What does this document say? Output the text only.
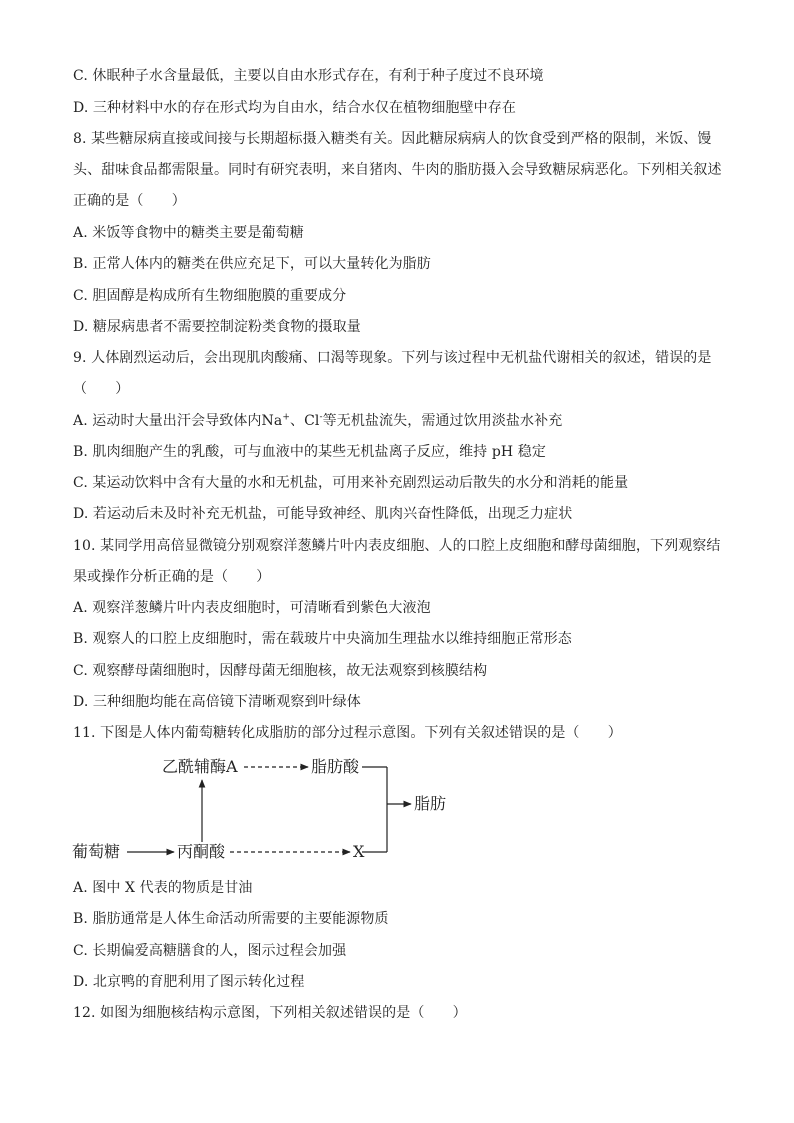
C. 休眠种子水含量最低，主要以自由水形式存在，有利于种子度过不良环境
D. 三种材料中水的存在形式均为自由水，结合水仅在植物细胞壁中存在
8. 某些糖尿病直接或间接与长期超标摄入糖类有关。因此糖尿病病人的饮食受到严格的限制，米饭、馒
头、甜味食品都需限量。同时有研究表明，来自猪肉、牛肉的脂肪摄入会导致糖尿病恶化。下列相关叙述
正确的是（　　）
A. 米饭等食物中的糖类主要是葡萄糖
B. 正常人体内的糖类在供应充足下，可以大量转化为脂肪
C. 胆固醇是构成所有生物细胞膜的重要成分
D. 糖尿病患者不需要控制淀粉类食物的摄取量
9. 人体剧烈运动后，会出现肌肉酸痛、口渴等现象。下列与该过程中无机盐代谢相关的叙述，错误的是
（　　）
A. 运动时大量出汗会导致体内Na+、Cl-等无机盐流失，需通过饮用淡盐水补充
B. 肌肉细胞产生的乳酸，可与血液中的某些无机盐离子反应，维持 pH 稳定
C. 某运动饮料中含有大量的水和无机盐，可用来补充剧烈运动后散失的水分和消耗的能量
D. 若运动后未及时补充无机盐，可能导致神经、肌肉兴奋性降低，出现乏力症状
10. 某同学用高倍显微镜分别观察洋葱鳞片叶内表皮细胞、人的口腔上皮细胞和酵母菌细胞，下列观察结
果或操作分析正确的是（　　）
A. 观察洋葱鳞片叶内表皮细胞时，可清晰看到紫色大液泡
B. 观察人的口腔上皮细胞时，需在载玻片中央滴加生理盐水以维持细胞正常形态
C. 观察酵母菌细胞时，因酵母菌无细胞核，故无法观察到核膜结构
D. 三种细胞均能在高倍镜下清晰观察到叶绿体
11. 下图是人体内葡萄糖转化成脂肪的部分过程示意图。下列有关叙述错误的是（　　）
乙酰辅酶A	脂肪酸
脂肪
葡萄糖	丙酮酸	X
A. 图中 X 代表的物质是甘油
B. 脂肪通常是人体生命活动所需要的主要能源物质
C. 长期偏爱高糖膳食的人，图示过程会加强
D. 北京鸭的育肥利用了图示转化过程
12. 如图为细胞核结构示意图，下列相关叙述错误的是（　　）
